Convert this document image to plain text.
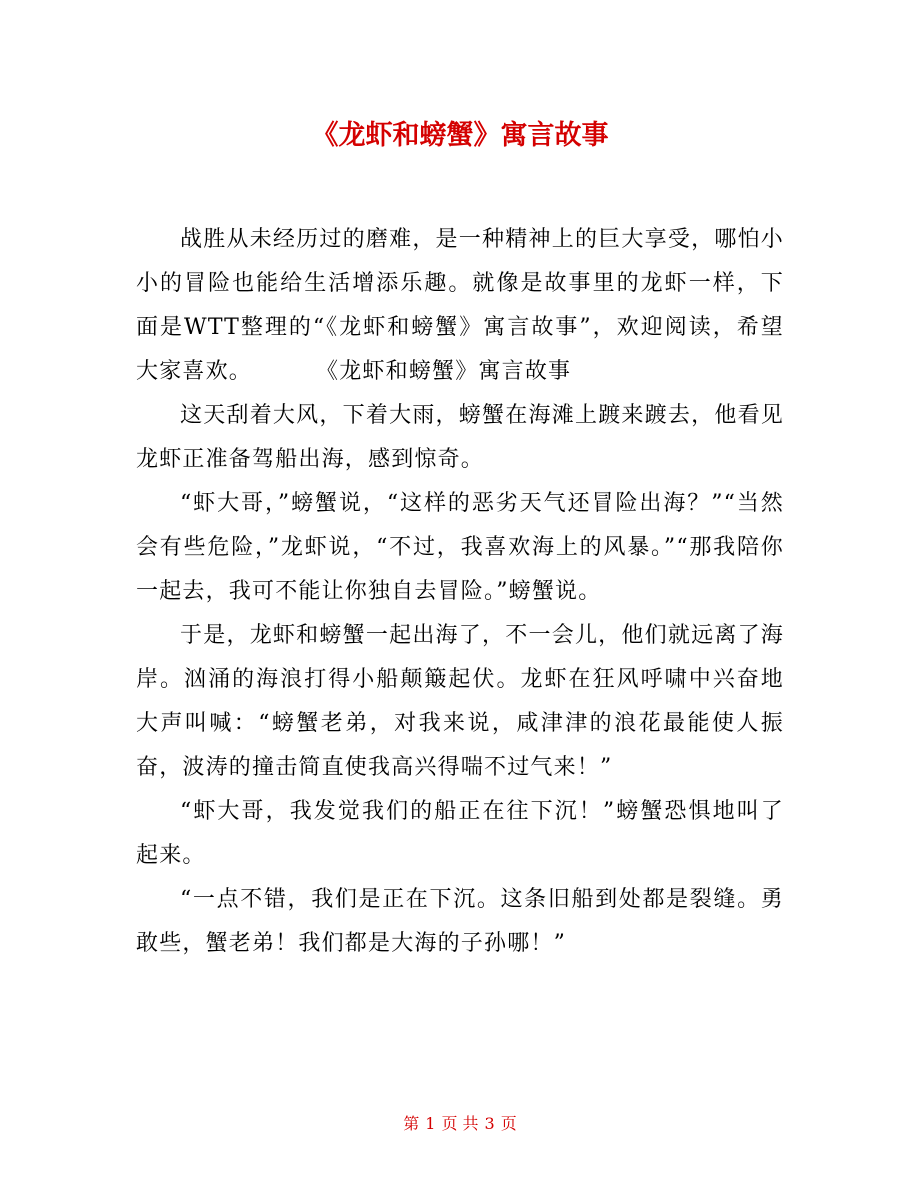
《龙虾和螃蟹》寓言故事

战胜从未经历过的磨难，是一种精神上的巨大享受，哪怕小小的冒险也能给生活增添乐趣。就像是故事里的龙虾一样，下面是WTT整理的“《龙虾和螃蟹》寓言故事”，欢迎阅读，希望大家喜欢。	《龙虾和螃蟹》寓言故事

这天刮着大风，下着大雨，螃蟹在海滩上踱来踱去，他看见龙虾正准备驾船出海，感到惊奇。

“虾大哥，”螃蟹说，“这样的恶劣天气还冒险出海？”“当然会有些危险，”龙虾说，“不过，我喜欢海上的风暴。”“那我陪你一起去，我可不能让你独自去冒险。”螃蟹说。

于是，龙虾和螃蟹一起出海了，不一会儿，他们就远离了海岸。汹涌的海浪打得小船颠簸起伏。龙虾在狂风呼啸中兴奋地大声叫喊：“螃蟹老弟，对我来说，咸津津的浪花最能使人振奋，波涛的撞击简直使我高兴得喘不过气来！”

“虾大哥，我发觉我们的船正在往下沉！”螃蟹恐惧地叫了起来。

“一点不错，我们是正在下沉。这条旧船到处都是裂缝。勇敢些，蟹老弟！我们都是大海的子孙哪！”

第 1 页 共 3 页
